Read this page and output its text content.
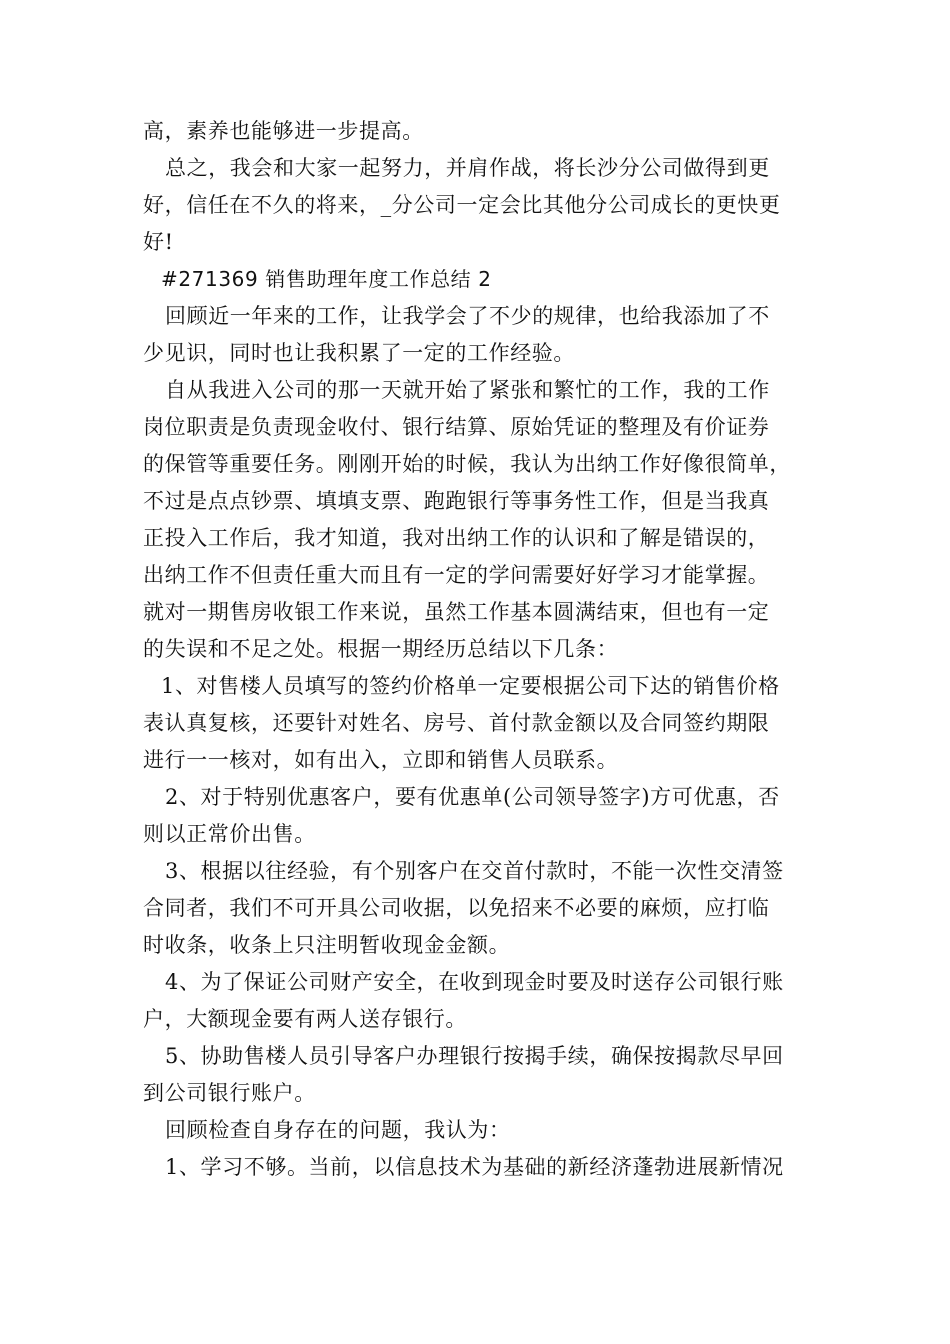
高，素养也能够进一步提高。
总之，我会和大家一起努力，并肩作战，将长沙分公司做得到更
好，信任在不久的将来，_分公司一定会比其他分公司成长的更快更
好!
#271369 销售助理年度工作总结 2
回顾近一年来的工作，让我学会了不少的规律，也给我添加了不
少见识，同时也让我积累了一定的工作经验。
自从我进入公司的那一天就开始了紧张和繁忙的工作，我的工作
岗位职责是负责现金收付、银行结算、原始凭证的整理及有价证券
的保管等重要任务。刚刚开始的时候，我认为出纳工作好像很简单，
不过是点点钞票、填填支票、跑跑银行等事务性工作，但是当我真
正投入工作后，我才知道，我对出纳工作的认识和了解是错误的，
出纳工作不但责任重大而且有一定的学问需要好好学习才能掌握。
就对一期售房收银工作来说，虽然工作基本圆满结束，但也有一定
的失误和不足之处。根据一期经历总结以下几条：
1、对售楼人员填写的签约价格单一定要根据公司下达的销售价格
表认真复核，还要针对姓名、房号、首付款金额以及合同签约期限
进行一一核对，如有出入，立即和销售人员联系。
2、对于特别优惠客户，要有优惠单(公司领导签字)方可优惠，否
则以正常价出售。
3、根据以往经验，有个别客户在交首付款时，不能一次性交清签
合同者，我们不可开具公司收据，以免招来不必要的麻烦，应打临
时收条，收条上只注明暂收现金金额。
4、为了保证公司财产安全，在收到现金时要及时送存公司银行账
户，大额现金要有两人送存银行。
5、协助售楼人员引导客户办理银行按揭手续，确保按揭款尽早回
到公司银行账户。
回顾检查自身存在的问题，我认为：
1、学习不够。当前，以信息技术为基础的新经济蓬勃进展新情况
